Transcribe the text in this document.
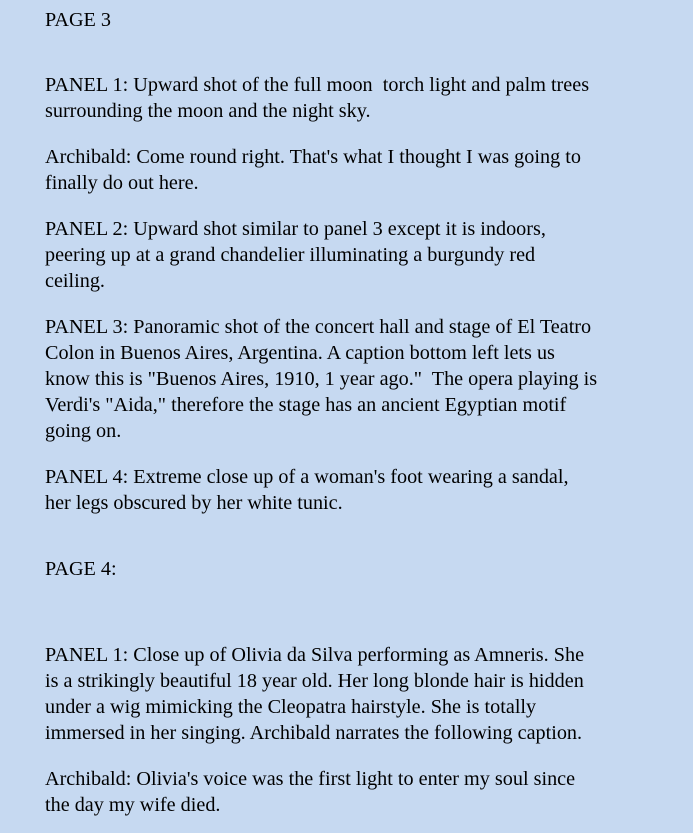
PAGE 3

PANEL 1: Upward shot of the full moon  torch light and palm trees
surrounding the moon and the night sky.

Archibald: Come round right. That's what I thought I was going to
finally do out here.

PANEL 2: Upward shot similar to panel 3 except it is indoors,
peering up at a grand chandelier illuminating a burgundy red
ceiling.

PANEL 3: Panoramic shot of the concert hall and stage of El Teatro
Colon in Buenos Aires, Argentina. A caption bottom left lets us
know this is "Buenos Aires, 1910, 1 year ago."  The opera playing is
Verdi's "Aida," therefore the stage has an ancient Egyptian motif
going on.

PANEL 4: Extreme close up of a woman's foot wearing a sandal,
her legs obscured by her white tunic.

PAGE 4:

PANEL 1: Close up of Olivia da Silva performing as Amneris. She
is a strikingly beautiful 18 year old. Her long blonde hair is hidden
under a wig mimicking the Cleopatra hairstyle. She is totally
immersed in her singing. Archibald narrates the following caption.

Archibald: Olivia's voice was the first light to enter my soul since
the day my wife died.
